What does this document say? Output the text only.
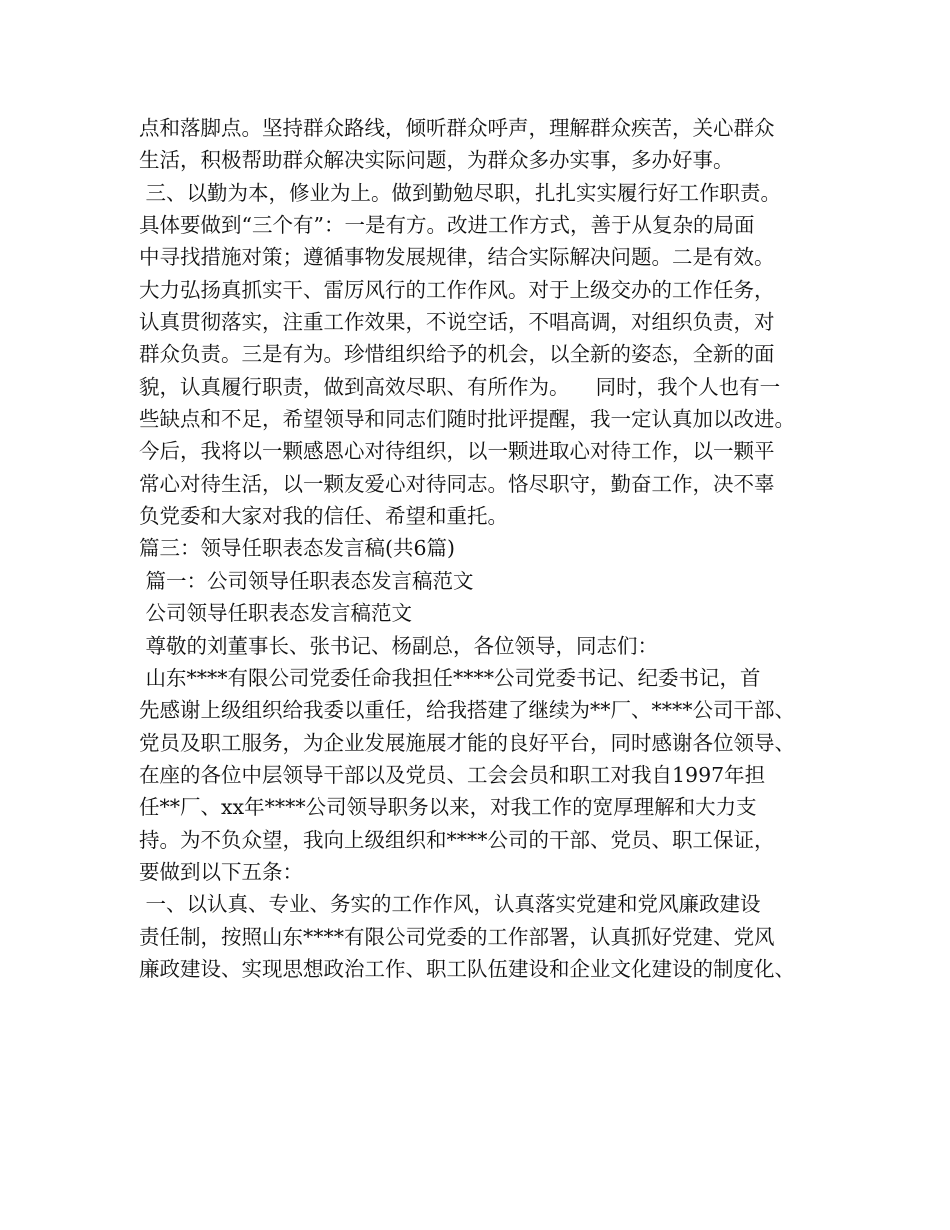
点和落脚点。坚持群众路线，倾听群众呼声，理解群众疾苦，关心群众
生活，积极帮助群众解决实际问题，为群众多办实事，多办好事。
三、以勤为本，修业为上。做到勤勉尽职，扎扎实实履行好工作职责。
具体要做到“三个有”：一是有方。改进工作方式，善于从复杂的局面
中寻找措施对策；遵循事物发展规律，结合实际解决问题。二是有效。
大力弘扬真抓实干、雷厉风行的工作作风。对于上级交办的工作任务，
认真贯彻落实，注重工作效果，不说空话，不唱高调，对组织负责，对
群众负责。三是有为。珍惜组织给予的机会，以全新的姿态，全新的面
貌，认真履行职责，做到高效尽职、有所作为。    同时，我个人也有一
些缺点和不足，希望领导和同志们随时批评提醒，我一定认真加以改进。
今后，我将以一颗感恩心对待组织，以一颗进取心对待工作，以一颗平
常心对待生活，以一颗友爱心对待同志。恪尽职守，勤奋工作，决不辜
负党委和大家对我的信任、希望和重托。
篇三：领导任职表态发言稿(共6篇)
篇一：公司领导任职表态发言稿范文
公司领导任职表态发言稿范文
尊敬的刘董事长、张书记、杨副总，各位领导，同志们：
山东****有限公司党委任命我担任****公司党委书记、纪委书记，首
先感谢上级组织给我委以重任，给我搭建了继续为**厂、****公司干部、
党员及职工服务，为企业发展施展才能的良好平台，同时感谢各位领导、
在座的各位中层领导干部以及党员、工会会员和职工对我自1997年担
任**厂、xx年****公司领导职务以来，对我工作的宽厚理解和大力支
持。为不负众望，我向上级组织和****公司的干部、党员、职工保证，
要做到以下五条：
一、以认真、专业、务实的工作作风，认真落实党建和党风廉政建设
责任制，按照山东****有限公司党委的工作部署，认真抓好党建、党风
廉政建设、实现思想政治工作、职工队伍建设和企业文化建设的制度化、
